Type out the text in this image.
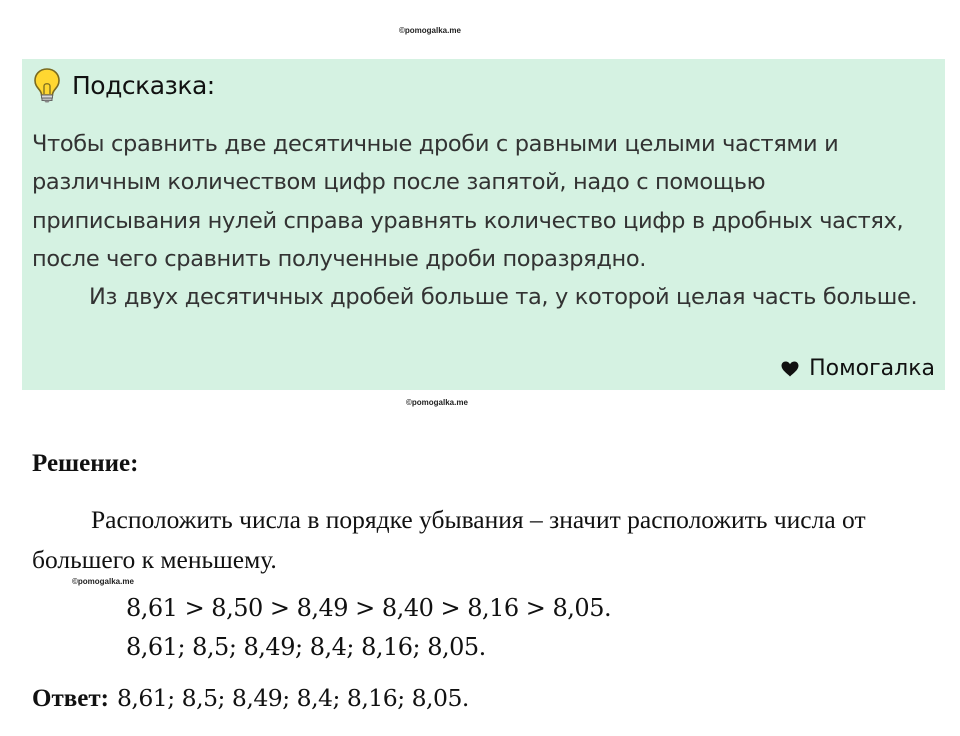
©pomogalka.me
Подсказка:

Чтобы сравнить две десятичные дроби с равными целыми частями и различным количеством цифр после запятой, надо с помощью приписывания нулей справа уравнять количество цифр в дробных частях, после чего сравнить полученные дроби поразрядно.

Из двух десятичных дробей больше та, у которой целая часть больше.

Помогалка
©pomogalka.me
Решение:

Расположить числа в порядке убывания – значит расположить числа от большего к меньшему.

©pomogalka.me
8,61 > 8,50 > 8,49 > 8,40 > 8,16 > 8,05.
8,61; 8,5; 8,49; 8,4; 8,16; 8,05.
Ответ: 8,61; 8,5; 8,49; 8,4; 8,16; 8,05.
